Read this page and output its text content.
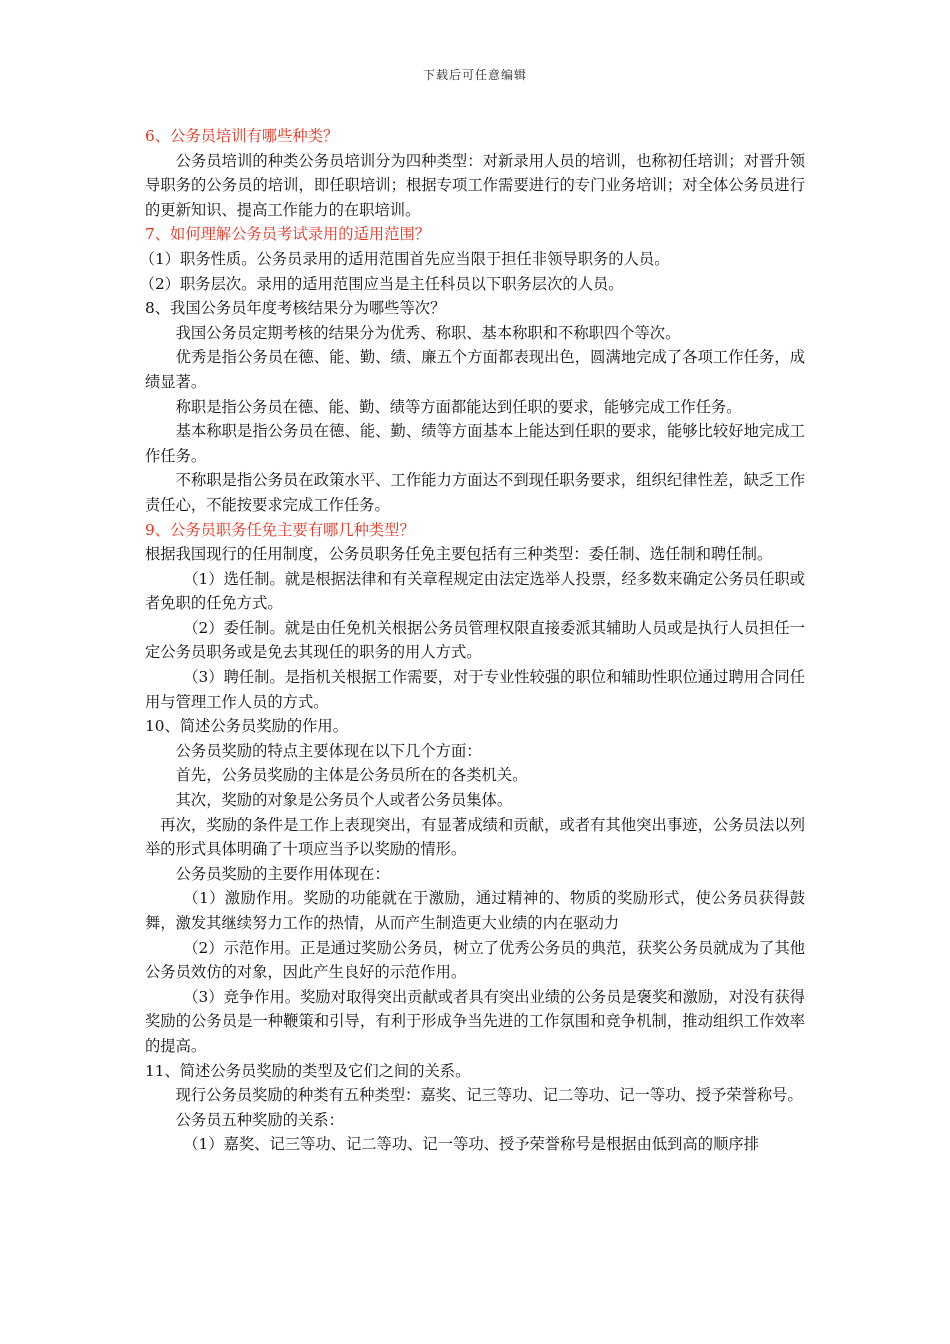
下载后可任意编辑

6、公务员培训有哪些种类？

公务员培训的种类公务员培训分为四种类型：对新录用人员的培训，也称初任培训；对晋升领导职务的公务员的培训，即任职培训；根据专项工作需要进行的专门业务培训；对全体公务员进行的更新知识、提高工作能力的在职培训。

7、如何理解公务员考试录用的适用范围？

（1）职务性质。公务员录用的适用范围首先应当限于担任非领导职务的人员。

（2）职务层次。录用的适用范围应当是主任科员以下职务层次的人员。

8、我国公务员年度考核结果分为哪些等次？

我国公务员定期考核的结果分为优秀、称职、基本称职和不称职四个等次。

优秀是指公务员在德、能、勤、绩、廉五个方面都表现出色，圆满地完成了各项工作任务，成绩显著。

称职是指公务员在德、能、勤、绩等方面都能达到任职的要求，能够完成工作任务。

基本称职是指公务员在德、能、勤、绩等方面基本上能达到任职的要求，能够比较好地完成工作任务。

不称职是指公务员在政策水平、工作能力方面达不到现任职务要求，组织纪律性差，缺乏工作责任心，不能按要求完成工作任务。

9、公务员职务任免主要有哪几种类型？

根据我国现行的任用制度，公务员职务任免主要包括有三种类型：委任制、选任制和聘任制。

（1）选任制。就是根据法律和有关章程规定由法定选举人投票，经多数来确定公务员任职或者免职的任免方式。

（2）委任制。就是由任免机关根据公务员管理权限直接委派其辅助人员或是执行人员担任一定公务员职务或是免去其现任的职务的用人方式。

（3）聘任制。是指机关根据工作需要，对于专业性较强的职位和辅助性职位通过聘用合同任用与管理工作人员的方式。

10、简述公务员奖励的作用。

公务员奖励的特点主要体现在以下几个方面：

首先，公务员奖励的主体是公务员所在的各类机关。

其次，奖励的对象是公务员个人或者公务员集体。

再次，奖励的条件是工作上表现突出，有显著成绩和贡献，或者有其他突出事迹，公务员法以列举的形式具体明确了十项应当予以奖励的情形。

公务员奖励的主要作用体现在：

（1）激励作用。奖励的功能就在于激励，通过精神的、物质的奖励形式，使公务员获得鼓舞，激发其继续努力工作的热情，从而产生制造更大业绩的内在驱动力

（2）示范作用。正是通过奖励公务员，树立了优秀公务员的典范，获奖公务员就成为了其他公务员效仿的对象，因此产生良好的示范作用。

（3）竞争作用。奖励对取得突出贡献或者具有突出业绩的公务员是褒奖和激励，对没有获得奖励的公务员是一种鞭策和引导，有利于形成争当先进的工作氛围和竞争机制，推动组织工作效率的提高。

11、简述公务员奖励的类型及它们之间的关系。

现行公务员奖励的种类有五种类型：嘉奖、记三等功、记二等功、记一等功、授予荣誉称号。

公务员五种奖励的关系：

（1）嘉奖、记三等功、记二等功、记一等功、授予荣誉称号是根据由低到高的顺序排
